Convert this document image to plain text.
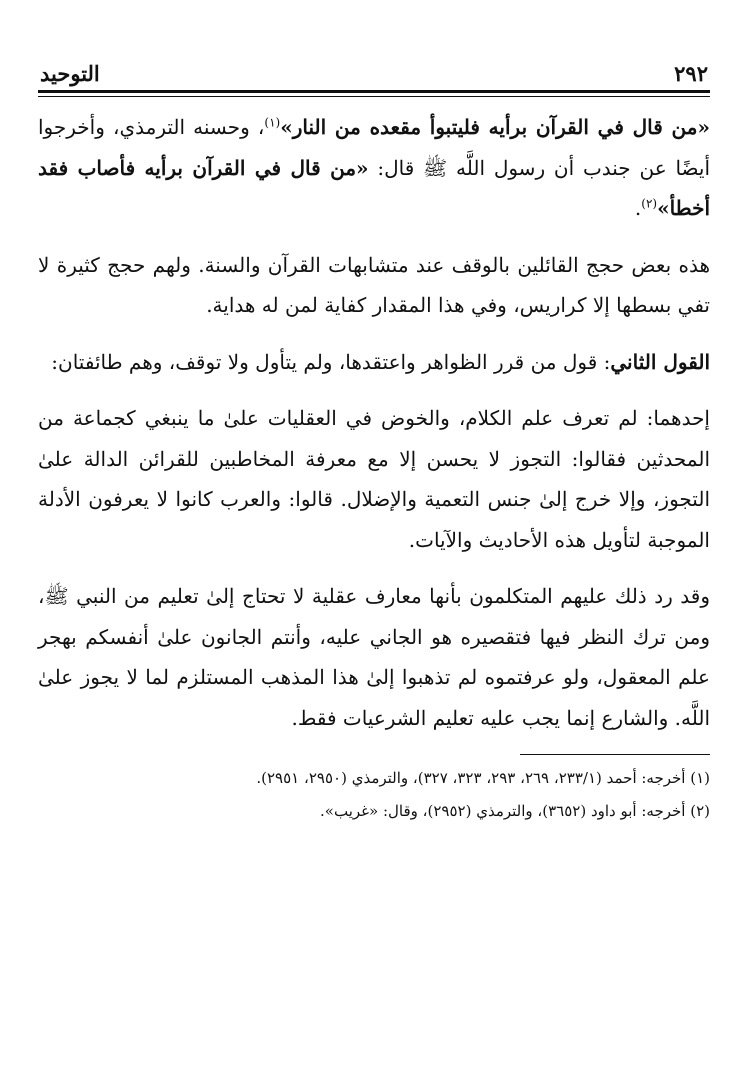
٢٩٢
التوحيد

«من قال في القرآن برأيه فليتبوأ مقعده من النار»$^{(١)}$، وحسنه الترمذي، وأخرجوا أيضًا عن جندب أن رسول اللَّه ﷺ قال: «من قال في القرآن برأيه فأصاب فقد أخطأ»$^{(٢)}$.

هذه بعض حجج القائلين بالوقف عند متشابهات القرآن والسنة. ولهم حجج كثيرة لا تفي بسطها إلا كراريس، وفي هذا المقدار كفاية لمن له هداية.

القول الثاني: قول من قرر الظواهر واعتقدها، ولم يتأول ولا توقف، وهم طائفتان:

إحدهما: لم تعرف علم الكلام، والخوض في العقليات علىٰ ما ينبغي كجماعة من المحدثين فقالوا: التجوز لا يحسن إلا مع معرفة المخاطبين للقرائن الدالة علىٰ التجوز، وإلا خرج إلىٰ جنس التعمية والإضلال. قالوا: والعرب كانوا لا يعرفون الأدلة الموجبة لتأويل هذه الأحاديث والآيات.

وقد رد ذلك عليهم المتكلمون بأنها معارف عقلية لا تحتاج إلىٰ تعليم من النبي ﷺ، ومن ترك النظر فيها فتقصيره هو الجاني عليه، وأنتم الجانون علىٰ أنفسكم بهجر علم المعقول، ولو عرفتموه لم تذهبوا إلىٰ هذا المذهب المستلزم لما لا يجوز علىٰ اللَّه. والشارع إنما يجب عليه تعليم الشرعيات فقط.

(١) أخرجه: أحمد (٢٣٣/١، ٢٦٩، ٢٩٣، ٣٢٣، ٣٢٧)، والترمذي (٢٩٥٠، ٢٩٥١).

(٢) أخرجه: أبو داود (٣٦٥٢)، والترمذي (٢٩٥٢)، وقال: «غريب».
